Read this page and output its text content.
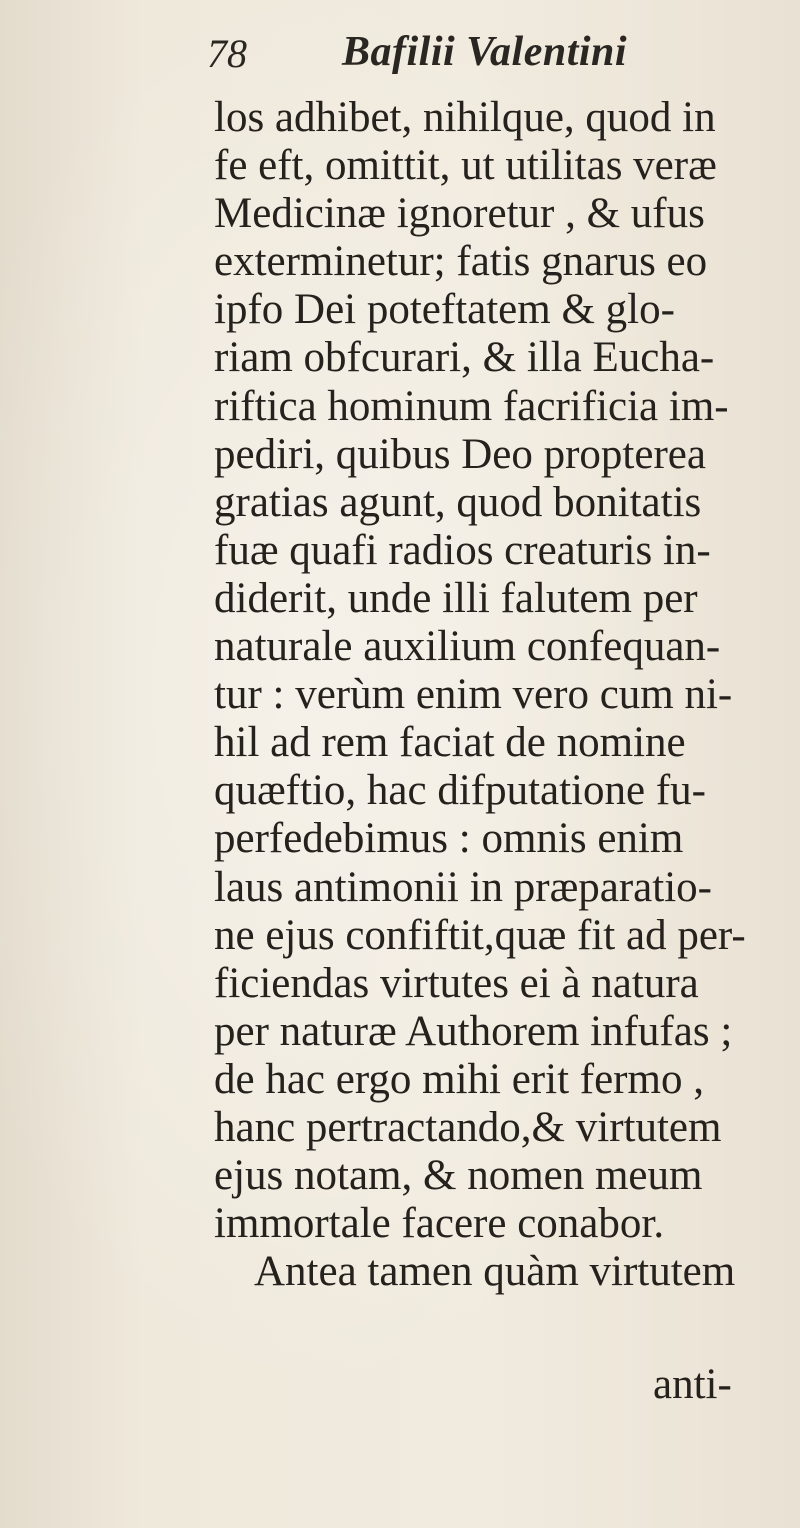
78 Bafilii Valentini
los adhibet, nihilque, quod in
fe eft, omittit, ut utilitas veræ
Medicinæ ignoretur , & ufus
exterminetur; fatis gnarus eo
ipfo Dei poteftatem & glo-
riam obfcurari, & illa Eucha-
riftica hominum facrificia im-
pediri, quibus Deo propterea
gratias agunt, quod bonitatis
fuæ quafi radios creaturis in-
diderit, unde illi falutem per
naturale auxilium confequan-
tur : verùm enim vero cum ni-
hil ad rem faciat de nomine
quæftio, hac difputatione fu-
perfedebimus : omnis enim
laus antimonii in præparatio-
ne ejus confiftit,quæ fit ad per-
ficiendas virtutes ei à natura
per naturæ Authorem infufas ;
de hac ergo mihi erit fermo ,
hanc pertractando,& virtutem
ejus notam, & nomen meum
immortale facere conabor.
Antea tamen quàm virtutem
anti-
